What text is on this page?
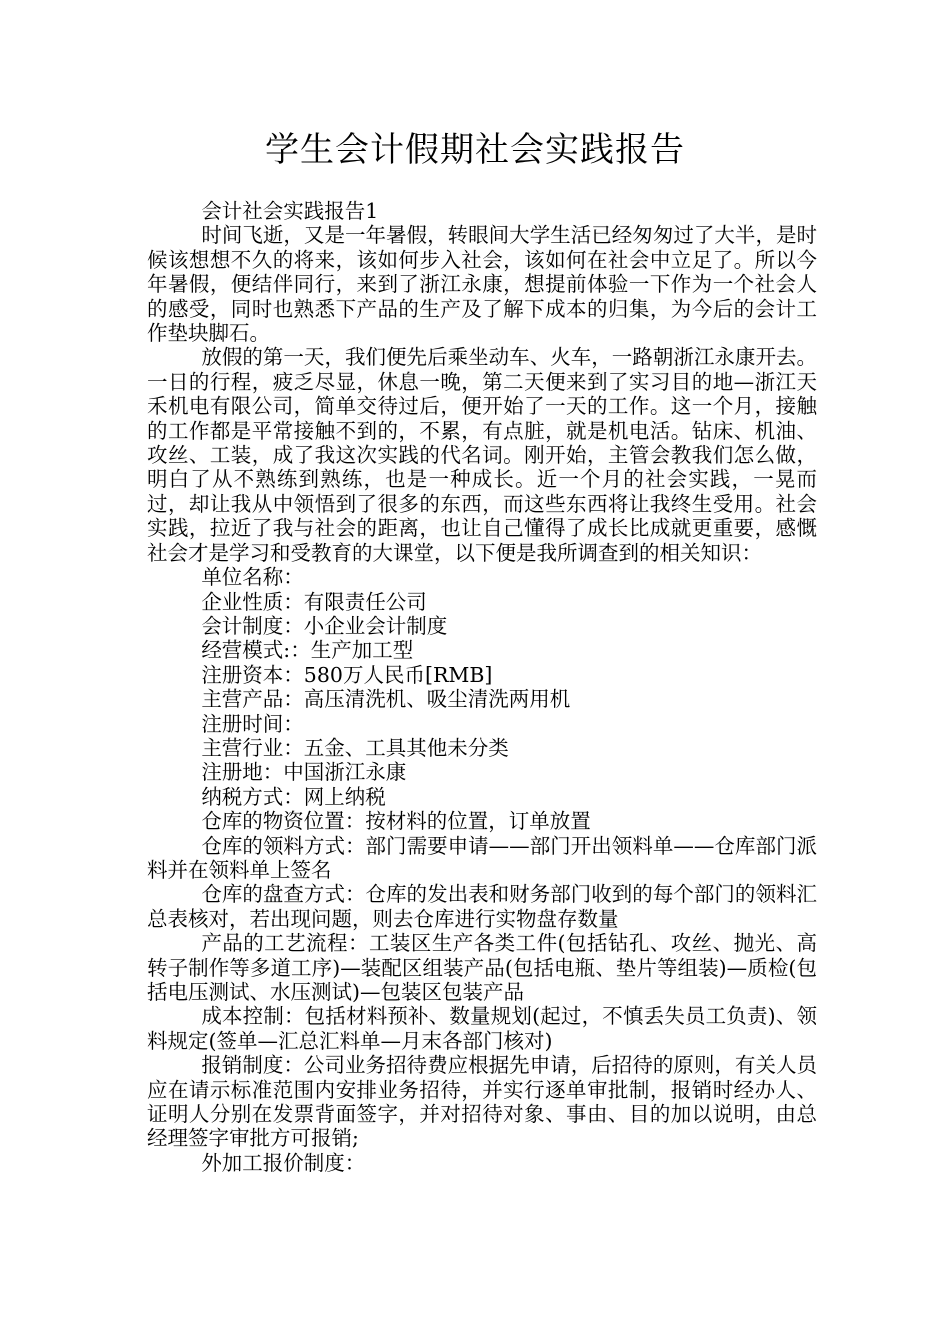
学生会计假期社会实践报告

会计社会实践报告1

时间飞逝，又是一年暑假，转眼间大学生活已经匆匆过了大半，是时候该想想不久的将来，该如何步入社会，该如何在社会中立足了。所以今年暑假，便结伴同行，来到了浙江永康，想提前体验一下作为一个社会人的感受，同时也熟悉下产品的生产及了解下成本的归集，为今后的会计工作垫块脚石。

放假的第一天，我们便先后乘坐动车、火车，一路朝浙江永康开去。一日的行程，疲乏尽显，休息一晚，第二天便来到了实习目的地—浙江天禾机电有限公司，简单交待过后，便开始了一天的工作。这一个月，接触的工作都是平常接触不到的，不累，有点脏，就是机电活。钻床、机油、攻丝、工装，成了我这次实践的代名词。刚开始，主管会教我们怎么做，明白了从不熟练到熟练，也是一种成长。近一个月的社会实践，一晃而过，却让我从中领悟到了很多的东西，而这些东西将让我终生受用。社会实践，拉近了我与社会的距离，也让自己懂得了成长比成就更重要，感慨社会才是学习和受教育的大课堂，以下便是我所调查到的相关知识：

单位名称：

企业性质：有限责任公司

会计制度：小企业会计制度

经营模式:：生产加工型

注册资本：580万人民币[RMB]

主营产品：高压清洗机、吸尘清洗两用机

注册时间：

主营行业：五金、工具其他未分类

注册地：中国浙江永康

纳税方式：网上纳税

仓库的物资位置：按材料的位置，订单放置

仓库的领料方式：部门需要申请——部门开出领料单——仓库部门派料并在领料单上签名

仓库的盘查方式：仓库的发出表和财务部门收到的每个部门的领料汇总表核对，若出现问题，则去仓库进行实物盘存数量

产品的工艺流程：工装区生产各类工件(包括钻孔、攻丝、抛光、高转子制作等多道工序)—装配区组装产品(包括电瓶、垫片等组装)—质检(包括电压测试、水压测试)—包装区包装产品

成本控制：包括材料预补、数量规划(起过，不慎丢失员工负责)、领料规定(签单—汇总汇料单—月末各部门核对)

报销制度：公司业务招待费应根据先申请，后招待的原则，有关人员应在请示标准范围内安排业务招待，并实行逐单审批制，报销时经办人、证明人分别在发票背面签字，并对招待对象、事由、目的加以说明，由总经理签字审批方可报销;

外加工报价制度：
